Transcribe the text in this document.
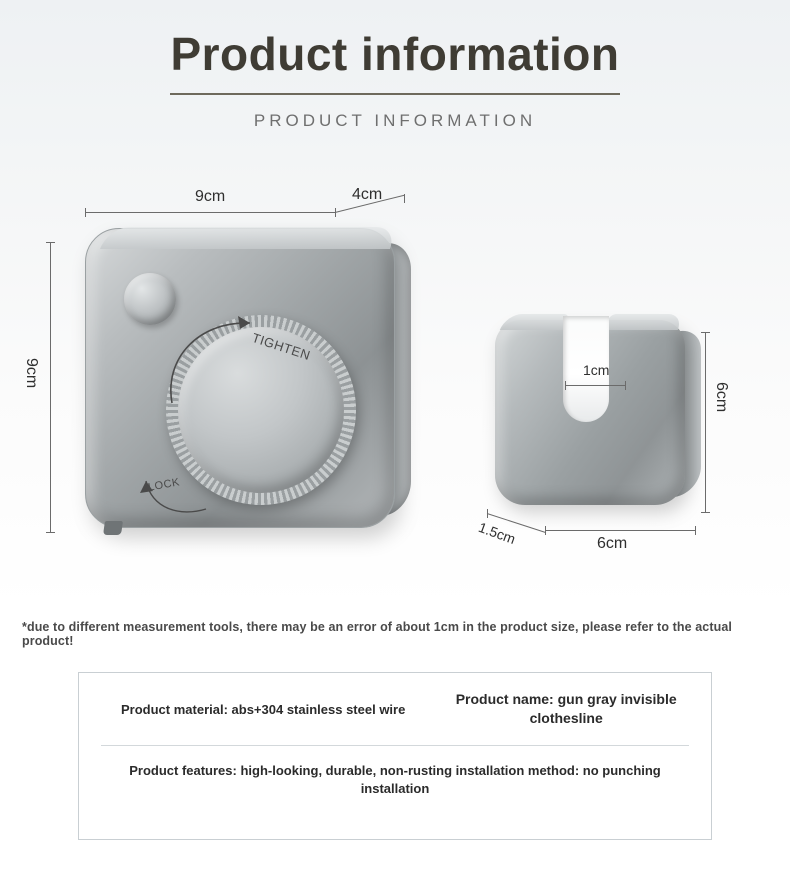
Product information
PRODUCT INFORMATION
9cm	4cm
9cm
TIGHTEN
LOCK
1cm
6cm
6cm
1.5cm
*due to different measurement tools, there may be an error of about 1cm in the product size, please refer to the actual product!
Product material: abs+304 stainless steel wire
Product name: gun gray invisible clothesline
Product features: high-looking, durable, non-rusting installation method: no punching installation
